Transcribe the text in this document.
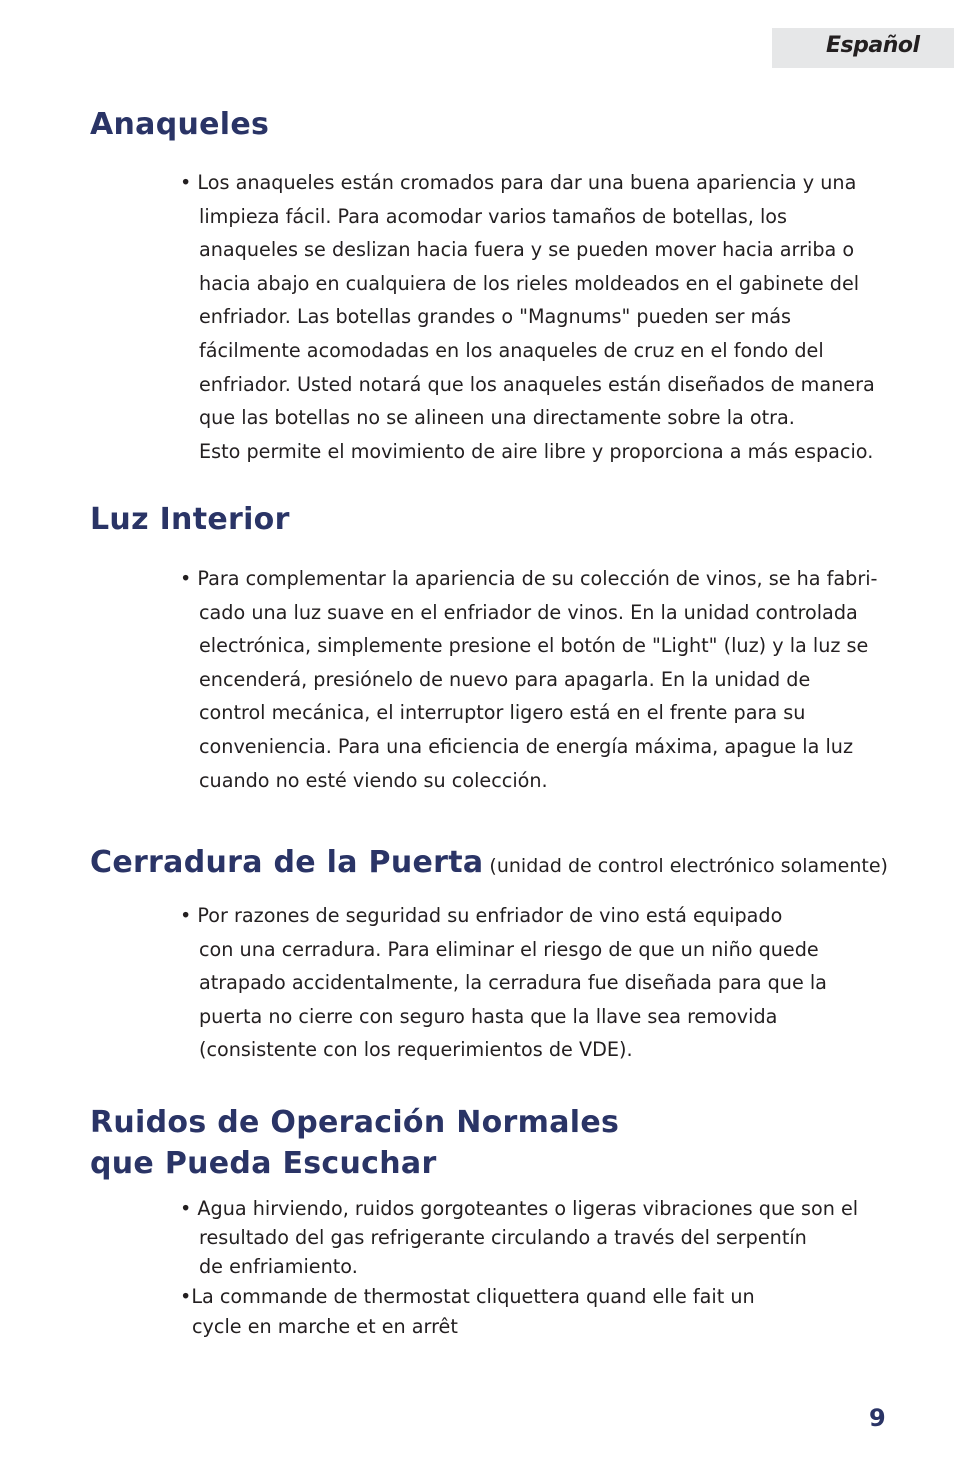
Español
Anaqueles
• Los anaqueles están cromados para dar una buena apariencia y una
limpieza fácil. Para acomodar varios tamaños de botellas, los
anaqueles se deslizan hacia fuera y se pueden mover hacia arriba o
hacia abajo en cualquiera de los rieles moldeados en el gabinete del
enfriador. Las botellas grandes o "Magnums" pueden ser más
fácilmente acomodadas en los anaqueles de cruz en el fondo del
enfriador. Usted notará que los anaqueles están diseñados de manera
que las botellas no se alineen una directamente sobre la otra.
Esto permite el movimiento de aire libre y proporciona a más espacio.
Luz Interior
• Para complementar la apariencia de su colección de vinos, se ha fabri-
cado una luz suave en el enfriador de vinos. En la unidad controlada
electrónica, simplemente presione el botón de "Light" (luz) y la luz se
encenderá, presiónelo de nuevo para apagarla. En la unidad de
control mecánica, el interruptor ligero está en el frente para su
conveniencia. Para una eficiencia de energía máxima, apague la luz
cuando no esté viendo su colección.
Cerradura de la Puerta (unidad de control electrónico solamente)
• Por razones de seguridad su enfriador de vino está equipado
con una cerradura. Para eliminar el riesgo de que un niño quede
atrapado accidentalmente, la cerradura fue diseñada para que la
puerta no cierre con seguro hasta que la llave sea removida
(consistente con los requerimientos de VDE).
Ruidos de Operación Normales
que Pueda Escuchar
• Agua hirviendo, ruidos gorgoteantes o ligeras vibraciones que son el
resultado del gas refrigerante circulando a través del serpentín
de enfriamiento.
•La commande de thermostat cliquettera quand elle fait un
cycle en marche et en arrêt
9
